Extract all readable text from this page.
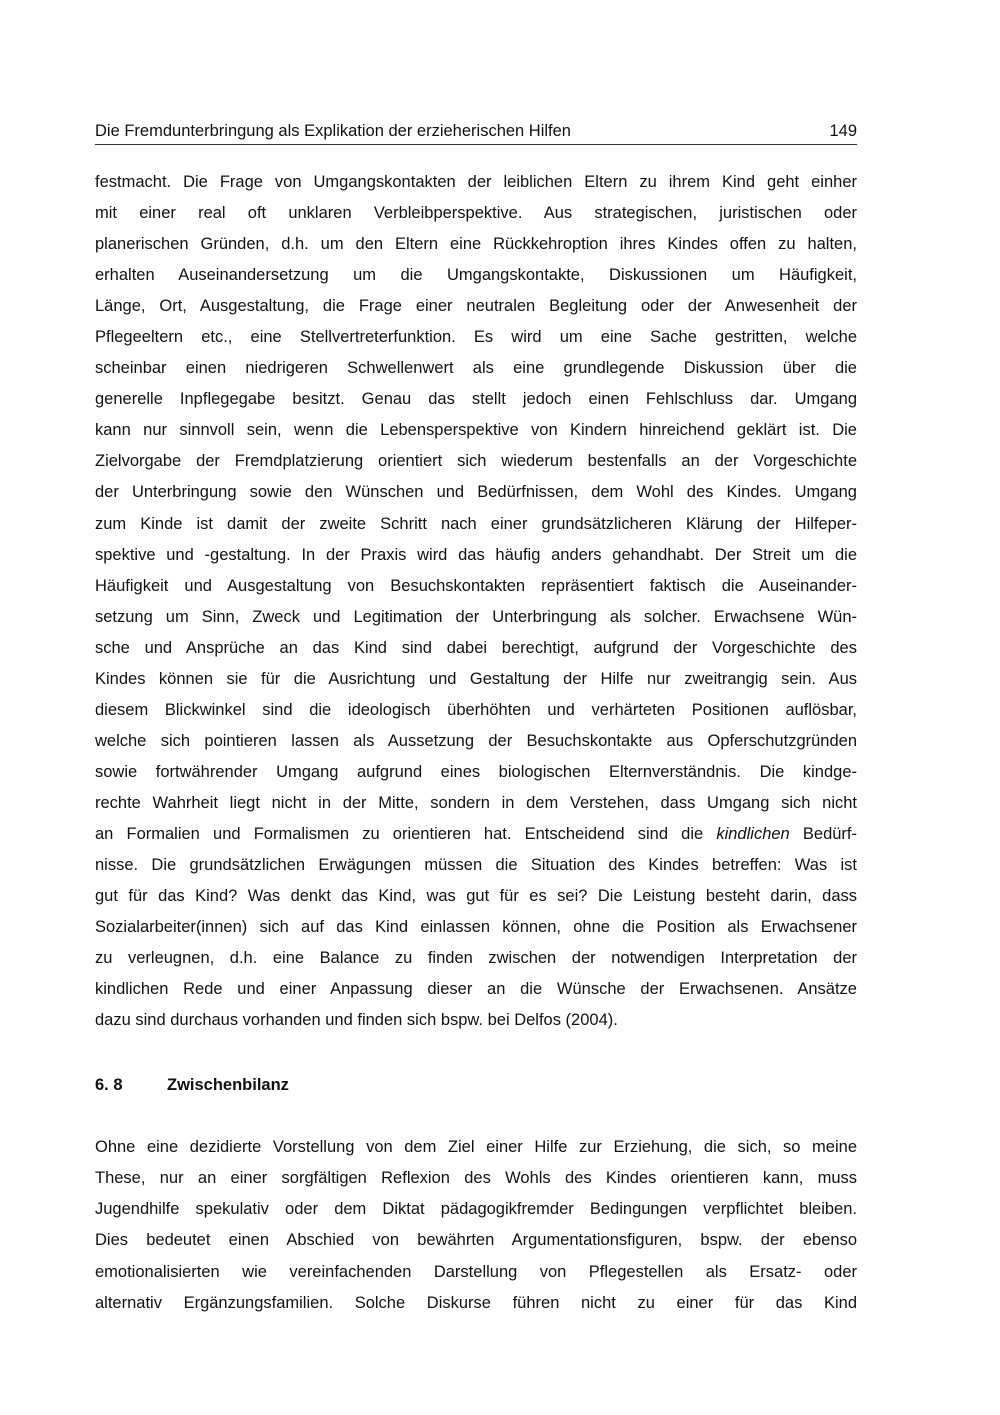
Die Fremdunterbringung als Explikation der erzieherischen Hilfen	149
festmacht. Die Frage von Umgangskontakten der leiblichen Eltern zu ihrem Kind geht einher
mit einer real oft unklaren Verbleibperspektive. Aus strategischen, juristischen oder
planerischen Gründen, d.h. um den Eltern eine Rückkehroption ihres Kindes offen zu halten,
erhalten Auseinandersetzung um die Umgangskontakte, Diskussionen um Häufigkeit,
Länge, Ort, Ausgestaltung, die Frage einer neutralen Begleitung oder der Anwesenheit der
Pflegeeltern etc., eine Stellvertreterfunktion. Es wird um eine Sache gestritten, welche
scheinbar einen niedrigeren Schwellenwert als eine grundlegende Diskussion über die
generelle Inpflegegabe besitzt. Genau das stellt jedoch einen Fehlschluss dar. Umgang
kann nur sinnvoll sein, wenn die Lebensperspektive von Kindern hinreichend geklärt ist. Die
Zielvorgabe der Fremdplatzierung orientiert sich wiederum bestenfalls an der Vorgeschichte
der Unterbringung sowie den Wünschen und Bedürfnissen, dem Wohl des Kindes. Umgang
zum Kinde ist damit der zweite Schritt nach einer grundsätzlicheren Klärung der Hilfeper-
spektive und -gestaltung. In der Praxis wird das häufig anders gehandhabt. Der Streit um die
Häufigkeit und Ausgestaltung von Besuchskontakten repräsentiert faktisch die Auseinander-
setzung um Sinn, Zweck und Legitimation der Unterbringung als solcher. Erwachsene Wün-
sche und Ansprüche an das Kind sind dabei berechtigt, aufgrund der Vorgeschichte des
Kindes können sie für die Ausrichtung und Gestaltung der Hilfe nur zweitrangig sein. Aus
diesem Blickwinkel sind die ideologisch überhöhten und verhärteten Positionen auflösbar,
welche sich pointieren lassen als Aussetzung der Besuchskontakte aus Opferschutzgründen
sowie fortwährender Umgang aufgrund eines biologischen Elternverständnis. Die kindge-
rechte Wahrheit liegt nicht in der Mitte, sondern in dem Verstehen, dass Umgang sich nicht
an Formalien und Formalismen zu orientieren hat. Entscheidend sind die kindlichen Bedürf-
nisse. Die grundsätzlichen Erwägungen müssen die Situation des Kindes betreffen: Was ist
gut für das Kind? Was denkt das Kind, was gut für es sei? Die Leistung besteht darin, dass
Sozialarbeiter(innen) sich auf das Kind einlassen können, ohne die Position als Erwachsener
zu verleugnen, d.h. eine Balance zu finden zwischen der notwendigen Interpretation der
kindlichen Rede und einer Anpassung dieser an die Wünsche der Erwachsenen. Ansätze
dazu sind durchaus vorhanden und finden sich bspw. bei Delfos (2004).
6. 8	Zwischenbilanz
Ohne eine dezidierte Vorstellung von dem Ziel einer Hilfe zur Erziehung, die sich, so meine
These, nur an einer sorgfältigen Reflexion des Wohls des Kindes orientieren kann, muss
Jugendhilfe spekulativ oder dem Diktat pädagogikfremder Bedingungen verpflichtet bleiben.
Dies bedeutet einen Abschied von bewährten Argumentationsfiguren, bspw. der ebenso
emotionalisierten wie vereinfachenden Darstellung von Pflegestellen als Ersatz- oder
alternativ Ergänzungsfamilien. Solche Diskurse führen nicht zu einer für das Kind
